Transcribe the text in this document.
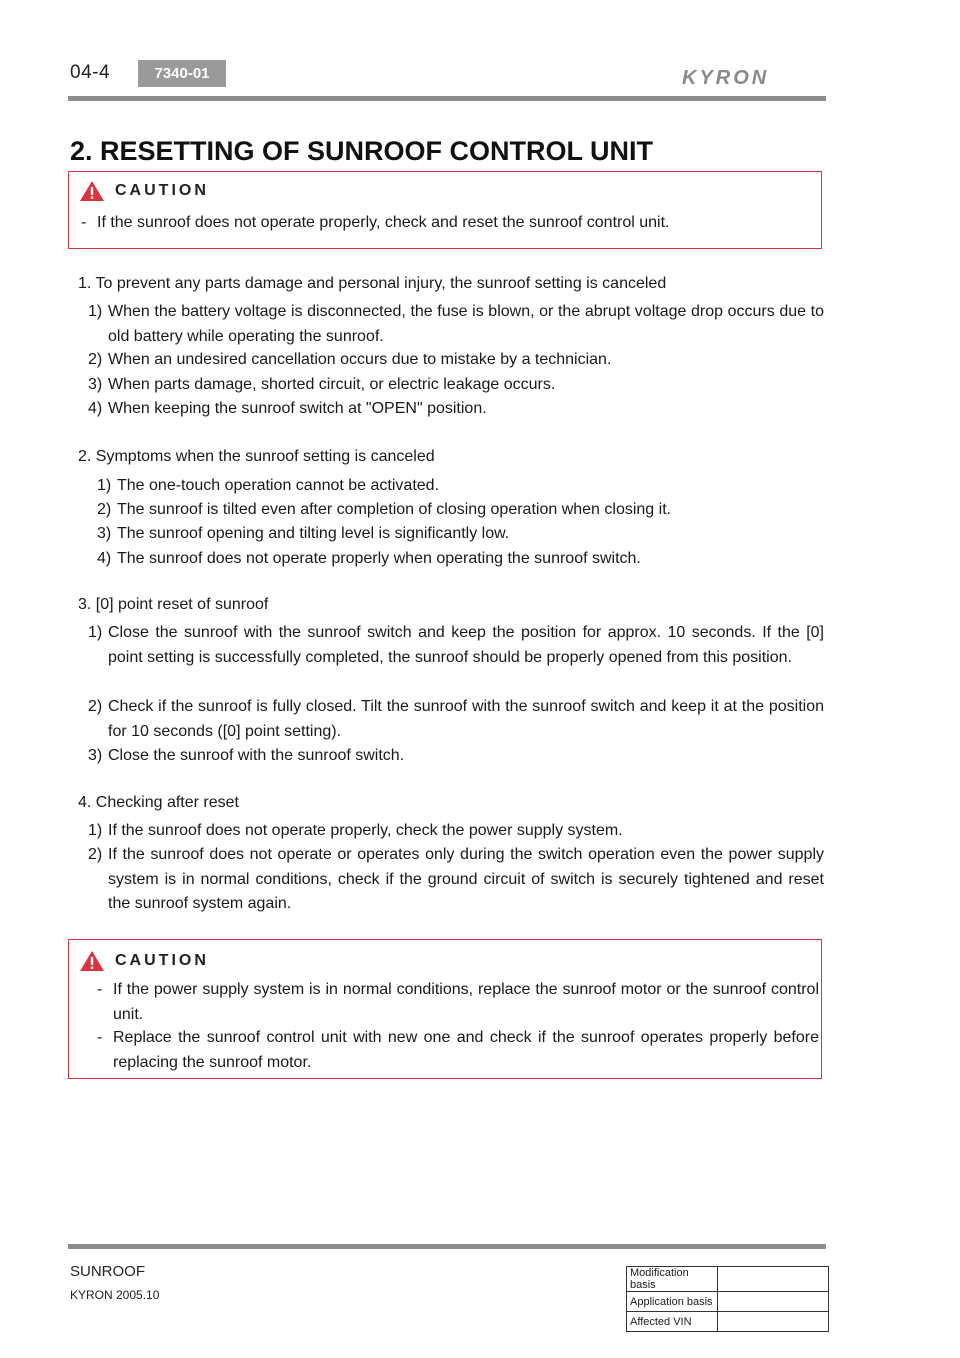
04-4	7340-01	KYRON
2. RESETTING OF SUNROOF CONTROL UNIT
CAUTION
- If the sunroof does not operate properly, check and reset the sunroof control unit.
1. To prevent any parts damage and personal injury, the sunroof setting is canceled
1) When the battery voltage is disconnected, the fuse is blown, or the abrupt voltage drop occurs due to old battery while operating the sunroof.
2) When an undesired cancellation occurs due to mistake by a technician.
3) When parts damage, shorted circuit, or electric leakage occurs.
4) When keeping the sunroof switch at "OPEN" position.
2. Symptoms when the sunroof setting is canceled
1) The one-touch operation cannot be activated.
2) The sunroof is tilted even after completion of closing operation when closing it.
3) The sunroof opening and tilting level is significantly low.
4) The sunroof does not operate properly when operating the sunroof switch.
3. [0] point reset of sunroof
1) Close the sunroof with the sunroof switch and keep the position for approx. 10 seconds. If the [0] point setting is successfully completed, the sunroof should be properly opened from this position.
2) Check if the sunroof is fully closed. Tilt the sunroof with the sunroof switch and keep it at the position for 10 seconds ([0] point setting).
3) Close the sunroof with the sunroof switch.
4. Checking after reset
1) If the sunroof does not operate properly, check the power supply system.
2) If the sunroof does not operate or operates only during the switch operation even the power supply system is in normal conditions, check if the ground circuit of switch is securely tightened and reset the sunroof system again.
CAUTION
- If the power supply system is in normal conditions, replace the sunroof motor or the sunroof control unit.
- Replace the sunroof control unit with new one and check if the sunroof operates properly before replacing the sunroof motor.
SUNROOF
KYRON 2005.10
Modification basis	
Application basis	
Affected VIN	
